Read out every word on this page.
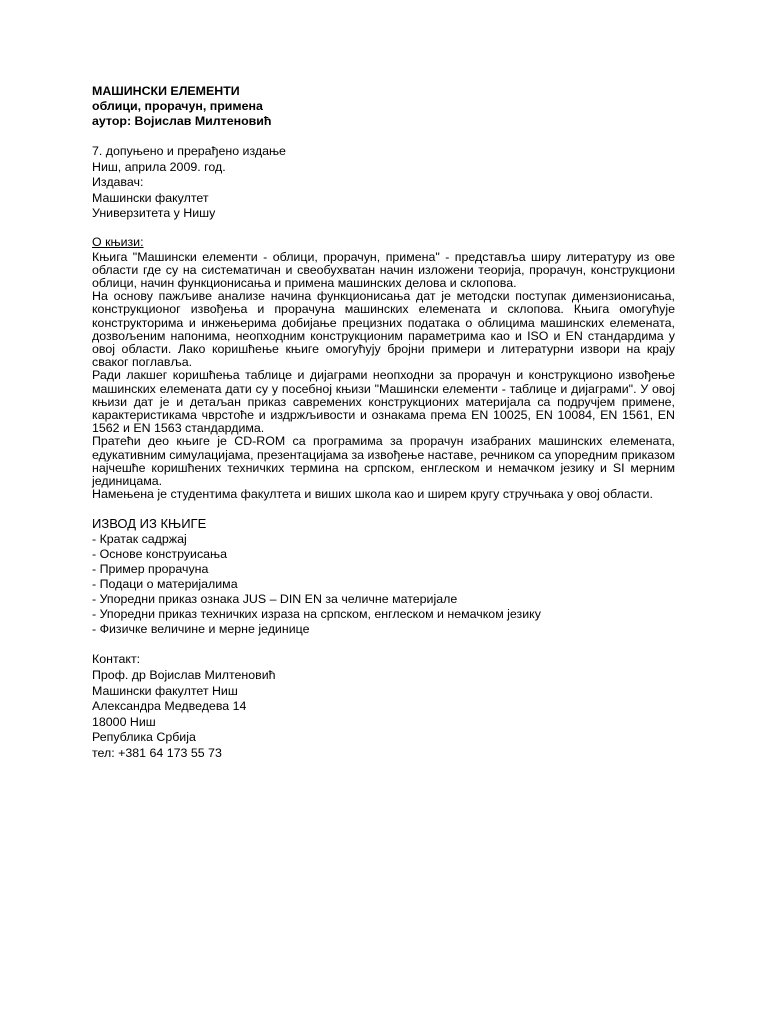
МАШИНСКИ ЕЛЕМЕНТИ
облици, прорачун, примена
аутор: Војислав Милтеновић
7. допуњено и прерађено издање
Ниш, априла 2009. год.
Издавач:
Машински факултет
Универзитета у Нишу
О књизи:
Књига "Машински елементи - облици, прорачун, примена" - представља ширу литературу из ове области где су на систематичан и свеобухватан начин изложени теорија, прорачун, конструкциони облици, начин функционисања и примена машинских делова и склопова.
На основу пажљиве анализе начина функционисања дат је методски поступак димензионисања, конструкционог извођења и прорачуна машинских елемената и склопова. Књига омогућује конструкторима и инжењерима добијање прецизних података о облицима машинских елемената, дозвољеним напонима, неопходним конструкционим параметрима као и ISO и EN стандардима у овој области. Лако коришћење књиге омогућују бројни примери и литературни извори на крају сваког поглавља.
Ради лакшег коришћења таблице и дијаграми неопходни за прорачун и конструкционо извођење машинских елемената дати су у посебној књизи "Машински елементи - таблице и дијаграми". У овој књизи дат је и детаљан приказ савремених конструкционих материјала са подручјем примене, карактеристикама чврстоће и издржљивости и ознакама према EN 10025, EN 10084, EN 1561, EN 1562 и EN 1563 стандардима.
Пратећи део књиге је CD-ROM са програмима за прорачун изабраних машинских елемената, едукативним симулацијама, презентацијама за извођење наставе, речником са упоредним приказом најчешће коришћених техничких термина на српском, енглеском и немачком језику и SI мерним јединицама.
Намењена је студентима факултета и виших школа као и ширем кругу стручњака у овој области.
ИЗВОД ИЗ КЊИГЕ
- Кратак садржај
- Основе конструисања
- Пример прорачуна
- Подаци о материјалима
- Упоредни приказ ознака JUS – DIN EN за челичне материјале
- Упоредни приказ техничких израза на српском, енглеском и немачком језику
- Физичке величине и мерне јединице
Контакт:
Проф. др Војислав Милтеновић
Машински факултет Ниш
Александра Медведева 14
18000 Ниш
Република Србија
тел: +381 64 173 55 73
